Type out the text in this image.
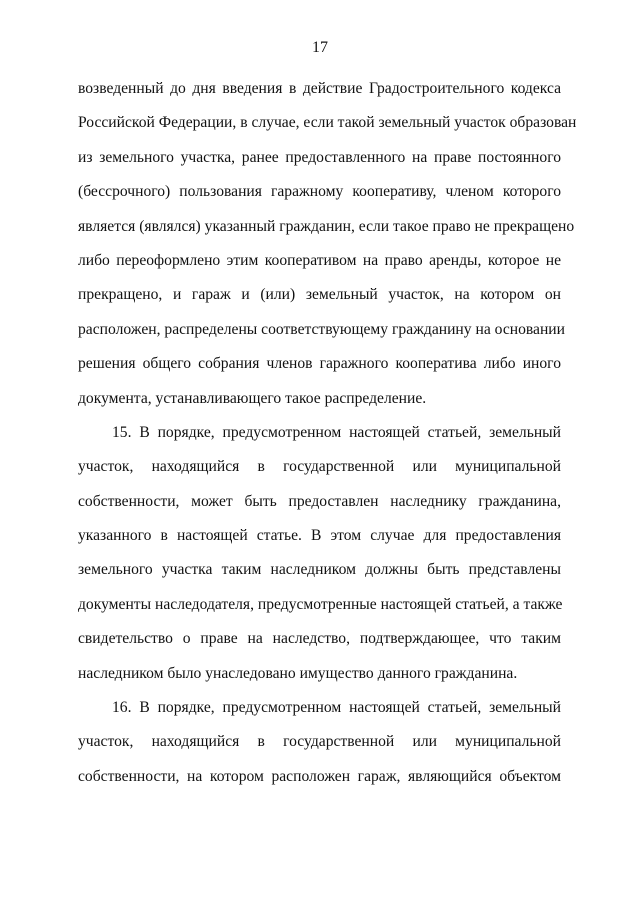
17

возведенный до дня введения в действие Градостроительного кодекса
Российской Федерации, в случае, если такой земельный участок образован
из земельного участка, ранее предоставленного на праве постоянного
(бессрочного) пользования гаражному кооперативу, членом которого
является (являлся) указанный гражданин, если такое право не прекращено
либо переоформлено этим кооперативом на право аренды, которое не
прекращено, и гараж и (или) земельный участок, на котором он
расположен, распределены соответствующему гражданину на основании
решения общего собрания членов гаражного кооператива либо иного
документа, устанавливающего такое распределение.

15. В порядке, предусмотренном настоящей статьей, земельный
участок, находящийся в государственной или муниципальной
собственности, может быть предоставлен наследнику гражданина,
указанного в настоящей статье. В этом случае для предоставления
земельного участка таким наследником должны быть представлены
документы наследодателя, предусмотренные настоящей статьей, а также
свидетельство о праве на наследство, подтверждающее, что таким
наследником было унаследовано имущество данного гражданина.

16. В порядке, предусмотренном настоящей статьей, земельный
участок, находящийся в государственной или муниципальной
собственности, на котором расположен гараж, являющийся объектом
